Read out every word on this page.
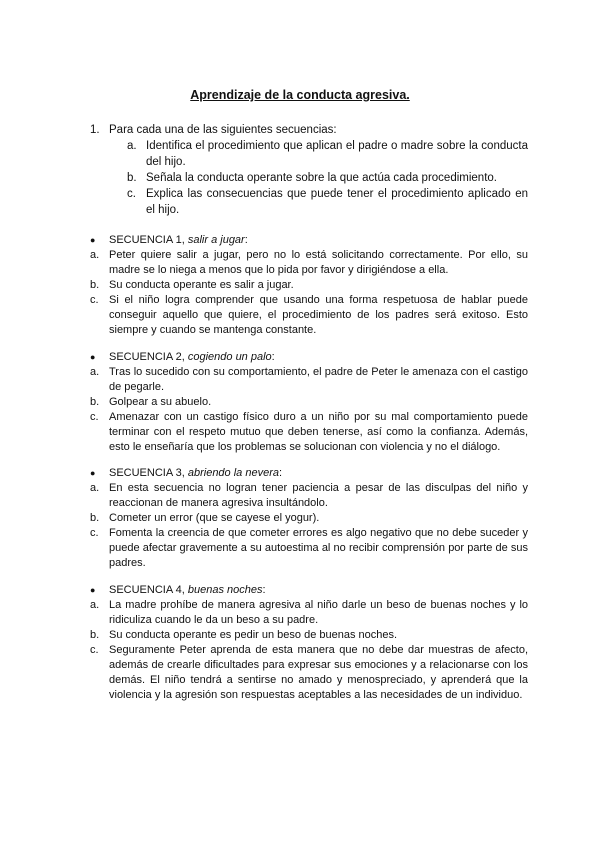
Aprendizaje de la conducta agresiva.
1. Para cada una de las siguientes secuencias:
a. Identifica el procedimiento que aplican el padre o madre sobre la conducta del hijo.
b. Señala la conducta operante sobre la que actúa cada procedimiento.
c. Explica las consecuencias que puede tener el procedimiento aplicado en el hijo.
●	SECUENCIA 1, salir a jugar:
a. Peter quiere salir a jugar, pero no lo está solicitando correctamente. Por ello, su madre se lo niega a menos que lo pida por favor y dirigiéndose a ella.
b. Su conducta operante es salir a jugar.
c. Si el niño logra comprender que usando una forma respetuosa de hablar puede conseguir aquello que quiere, el procedimiento de los padres será exitoso. Esto siempre y cuando se mantenga constante.
●	SECUENCIA 2, cogiendo un palo:
a. Tras lo sucedido con su comportamiento, el padre de Peter le amenaza con el castigo de pegarle.
b. Golpear a su abuelo.
c. Amenazar con un castigo físico duro a un niño por su mal comportamiento puede terminar con el respeto mutuo que deben tenerse, así como la confianza. Además, esto le enseñaría que los problemas se solucionan con violencia y no el diálogo.
●	SECUENCIA 3, abriendo la nevera:
a. En esta secuencia no logran tener paciencia a pesar de las disculpas del niño y reaccionan de manera agresiva insultándolo.
b. Cometer un error (que se cayese el yogur).
c. Fomenta la creencia de que cometer errores es algo negativo que no debe suceder y puede afectar gravemente a su autoestima al no recibir comprensión por parte de sus padres.
●	SECUENCIA 4, buenas noches:
a. La madre prohíbe de manera agresiva al niño darle un beso de buenas noches y lo ridiculiza cuando le da un beso a su padre.
b. Su conducta operante es pedir un beso de buenas noches.
c. Seguramente Peter aprenda de esta manera que no debe dar muestras de afecto, además de crearle dificultades para expresar sus emociones y a relacionarse con los demás. El niño tendrá a sentirse no amado y menospreciado, y aprenderá que la violencia y la agresión son respuestas aceptables a las necesidades de un individuo.
